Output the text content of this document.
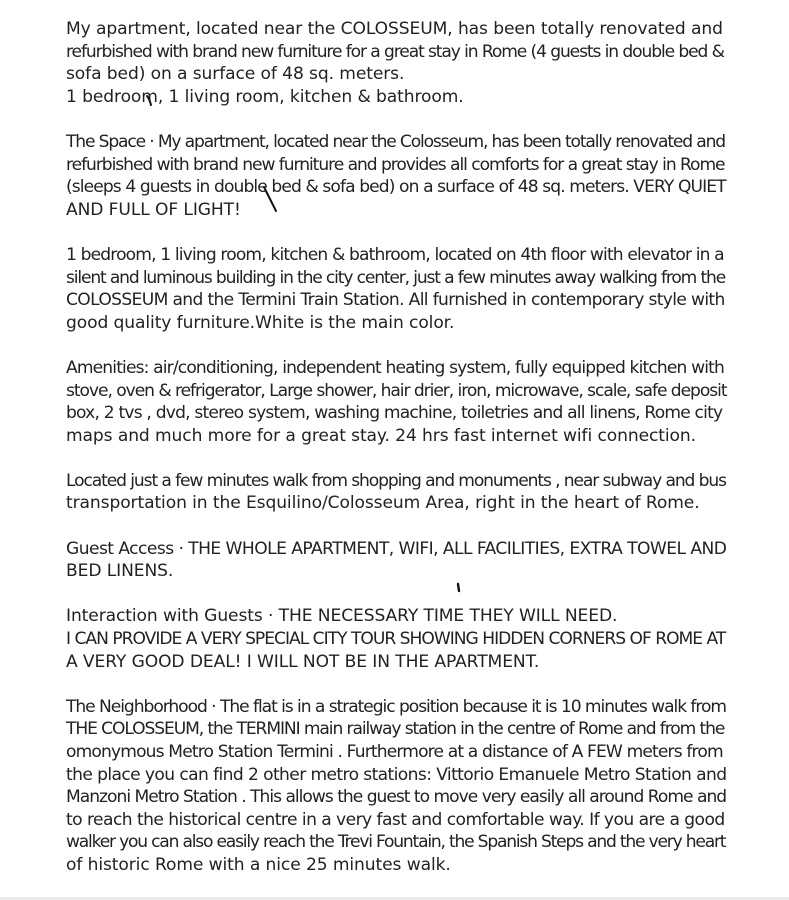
My apartment, located near the COLOSSEUM, has been totally renovated and
refurbished with brand new furniture for a great stay in Rome (4 guests in double bed &
sofa bed) on a surface of 48 sq. meters.
1 bedroom, 1 living room, kitchen & bathroom.

The Space · My apartment, located near the Colosseum, has been totally renovated and
refurbished with brand new furniture and provides all comforts for a great stay in Rome
(sleeps 4 guests in double bed & sofa bed) on a surface of 48 sq. meters. VERY QUIET
AND FULL OF LIGHT!

1 bedroom, 1 living room, kitchen & bathroom, located on 4th floor with elevator in a
silent and luminous building in the city center, just a few minutes away walking from the
COLOSSEUM and the Termini Train Station. All furnished in contemporary style with
good quality furniture.White is the main color.

Amenities: air/conditioning, independent heating system, fully equipped kitchen with
stove, oven & refrigerator, Large shower, hair drier, iron, microwave, scale, safe deposit
box, 2 tvs , dvd, stereo system, washing machine, toiletries and all linens, Rome city
maps and much more for a great stay. 24 hrs fast internet wifi connection.

Located just a few minutes walk from shopping and monuments , near subway and bus
transportation in the Esquilino/Colosseum Area, right in the heart of Rome.

Guest Access · THE WHOLE APARTMENT, WIFI, ALL FACILITIES, EXTRA TOWEL AND
BED LINENS.

Interaction with Guests · THE NECESSARY TIME THEY WILL NEED.
I CAN PROVIDE A VERY SPECIAL CITY TOUR SHOWING HIDDEN CORNERS OF ROME AT
A VERY GOOD DEAL! I WILL NOT BE IN THE APARTMENT.

The Neighborhood · The flat is in a strategic position because it is 10 minutes walk from
THE COLOSSEUM, the TERMINI main railway station in the centre of Rome and from the
omonymous Metro Station Termini . Furthermore at a distance of A FEW meters from
the place you can find 2 other metro stations: Vittorio Emanuele Metro Station and
Manzoni Metro Station . This allows the guest to move very easily all around Rome and
to reach the historical centre in a very fast and comfortable way. If you are a good
walker you can also easily reach the Trevi Fountain, the Spanish Steps and the very heart
of historic Rome with a nice 25 minutes walk.
